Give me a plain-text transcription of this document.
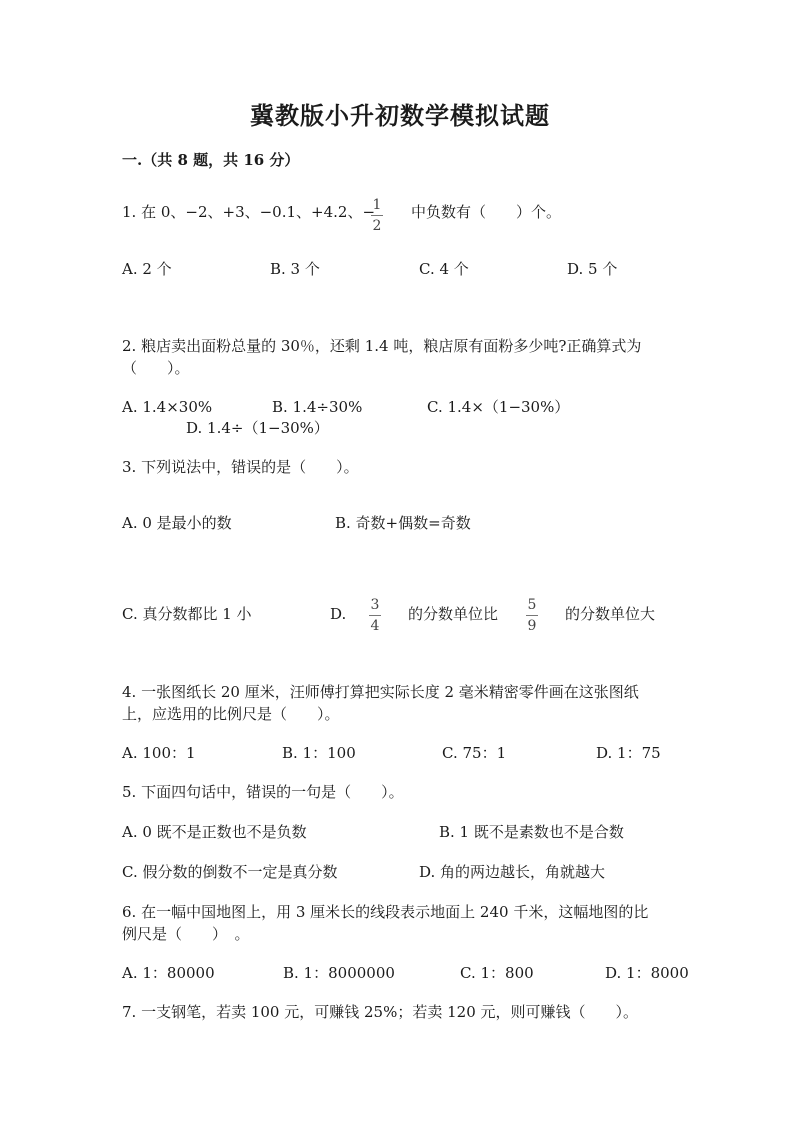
冀教版小升初数学模拟试题
一.（共 8 题，共 16 分）
1. 在 0、−2、+3、−0.1、+4.2、−
1
2
中负数有（　　）个。
A. 2 个	B. 3 个	C. 4 个	D. 5 个
2. 粮店卖出面粉总量的 30％，还剩 1.4 吨，粮店原有面粉多少吨?正确算式为
（　　）。
A. 1.4×30%	B. 1.4÷30%	C. 1.4×（1−30%）
D. 1.4÷（1−30%）
3. 下列说法中，错误的是（　　）。
A. 0 是最小的数	B. 奇数+偶数=奇数
C. 真分数都比 1 小	D. 3
4
的分数单位比 5
9
的分数单位大
4. 一张图纸长 20 厘米，汪师傅打算把实际长度 2 毫米精密零件画在这张图纸
上，应选用的比例尺是（　　）。
A. 100：1	B. 1：100	C. 75：1	D. 1：75
5. 下面四句话中，错误的一句是（　　）。
A. 0 既不是正数也不是负数	B. 1 既不是素数也不是合数
C. 假分数的倒数不一定是真分数	D. 角的两边越长，角就越大
6. 在一幅中国地图上，用 3 厘米长的线段表示地面上 240 千米，这幅地图的比
例尺是（　　）　。
A. 1：80000	B. 1：8000000	C. 1：800	D. 1：8000
7. 一支钢笔，若卖 100 元，可赚钱 25%；若卖 120 元，则可赚钱（　　）。
